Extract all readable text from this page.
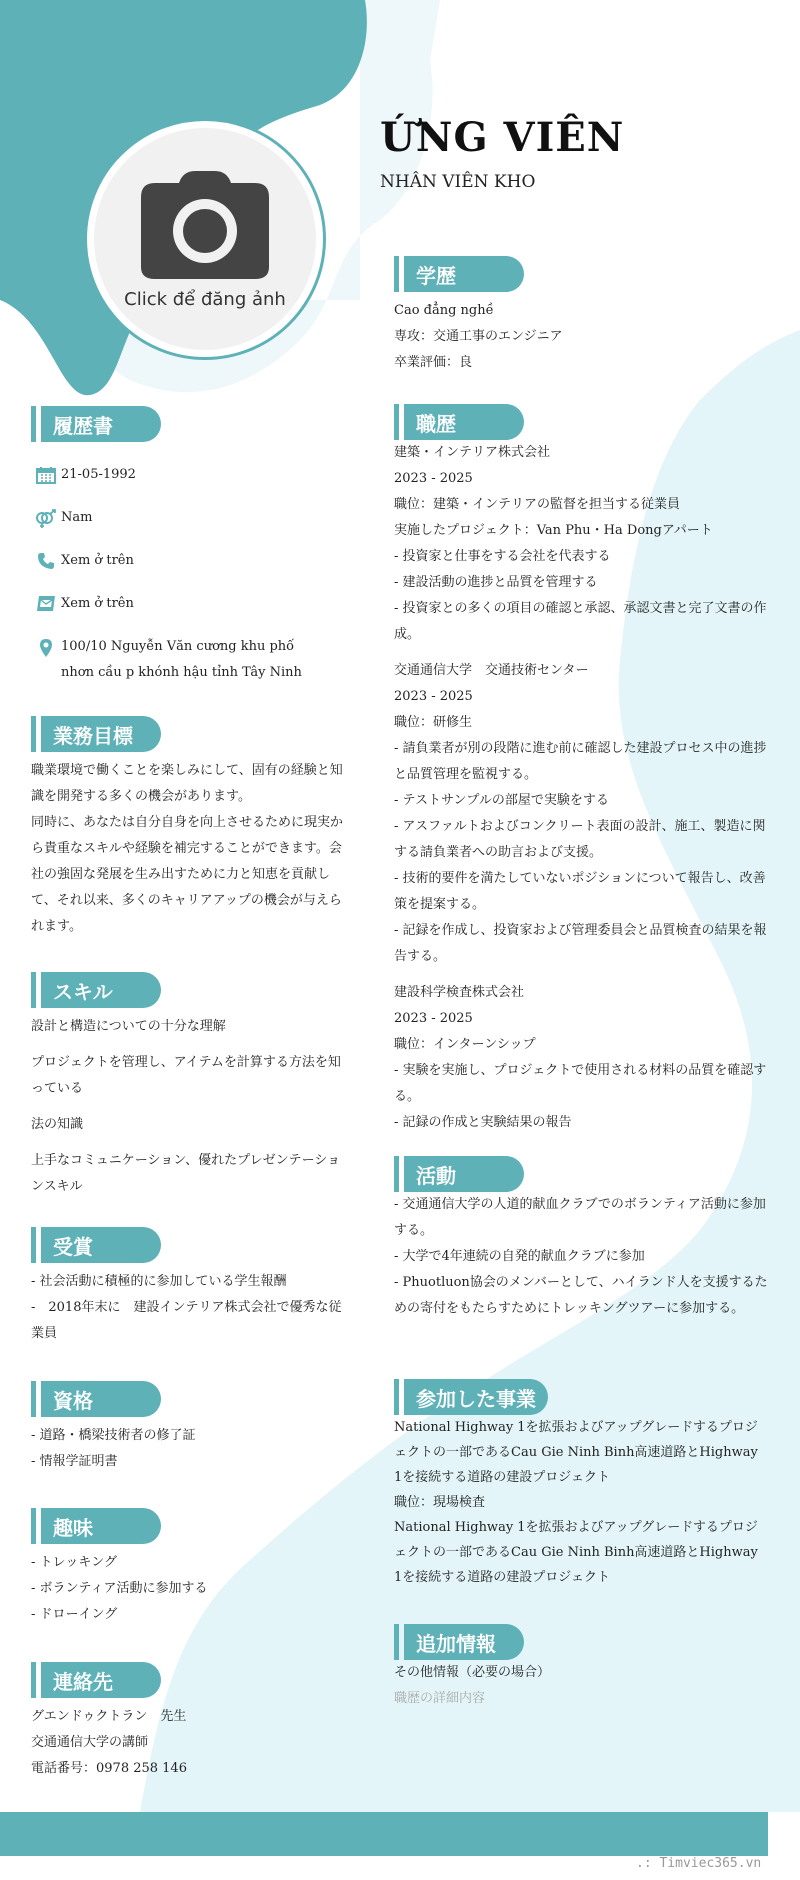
Click để đăng ảnh
ỨNG VIÊN
NHÂN VIÊN KHO
履歴書
21-05-1992
Nam
Xem ở trên
Xem ở trên
100/10 Nguyễn Văn cương khu phố nhơn cầu p khónh hậu tỉnh Tây Ninh
業務目標

職業環境で働くことを楽しみにして、固有の経験と知識を開発する多くの機会があります。

同時に、あなたは自分自身を向上させるために現実から貴重なスキルや経験を補完することができます。会社の強固な発展を生み出すために力と知恵を貢献して、それ以来、多くのキャリアアップの機会が与えられます。

スキル

設計と構造についての十分な理解

プロジェクトを管理し、アイテムを計算する方法を知っている

法の知識

上手なコミュニケーション、優れたプレゼンテーションスキル

受賞

- 社会活動に積極的に参加している学生報酬

-　2018年末に　建設インテリア株式会社で優秀な従業員

資格

- 道路・橋梁技術者の修了証

- 情報学証明書

趣味

- トレッキング

- ボランティア活動に参加する

- ドローイング

連絡先

グエンドゥクトラン　先生

交通通信大学の講師

電話番号：0978 258 146

学歴

Cao đẳng nghề

専攻：交通工事のエンジニア

卒業評価：良

職歴

建築・インテリア株式会社

2023 - 2025

職位：建築・インテリアの監督を担当する従業員

実施したプロジェクト：Van Phu・Ha Dongアパート

- 投資家と仕事をする会社を代表する

- 建設活動の進捗と品質を管理する

- 投資家との多くの項目の確認と承認、承認文書と完了文書の作成。

交通通信大学　交通技術センター

2023 - 2025

職位：研修生

- 請負業者が別の段階に進む前に確認した建設プロセス中の進捗と品質管理を監視する。

- テストサンプルの部屋で実験をする

- アスファルトおよびコンクリート表面の設計、施工、製造に関する請負業者への助言および支援。

- 技術的要件を満たしていないポジションについて報告し、改善策を提案する。

- 記録を作成し、投資家および管理委員会と品質検査の結果を報告する。

建設科学検査株式会社

2023 - 2025

職位：インターンシップ

- 実験を実施し、プロジェクトで使用される材料の品質を確認する。

- 記録の作成と実験結果の報告

活動

- 交通通信大学の人道的献血クラブでのボランティア活動に参加する。

- 大学で4年連続の自発的献血クラブに参加

- Phuotluon協会のメンバーとして、ハイランド人を支援するための寄付をもたらすためにトレッキングツアーに参加する。

参加した事業

National Highway 1を拡張およびアップグレードするプロジェクトの一部であるCau Gie Ninh Binh高速道路とHighway 1を接続する道路の建設プロジェクト

職位：現場検査

National Highway 1を拡張およびアップグレードするプロジェクトの一部であるCau Gie Ninh Binh高速道路とHighway 1を接続する道路の建設プロジェクト

追加情報

その他情報（必要の場合）

職歴の詳細内容

.: Timviec365.vn
